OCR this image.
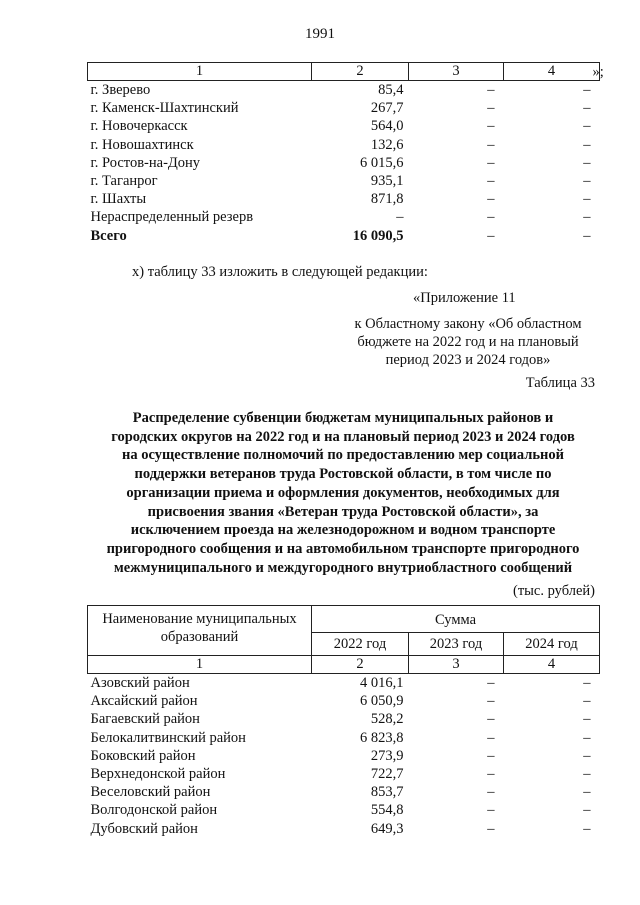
1991
1	2	3	4
г. Зверево	85,4	–	–
г. Каменск-Шахтинский	267,7	–	–
г. Новочеркасск	564,0	–	–
г. Новошахтинск	132,6	–	–
г. Ростов-на-Дону	6 015,6	–	–
г. Таганрог	935,1	–	–
г. Шахты	871,8	–	–
Нераспределенный резерв	–	–	–
Всего	16 090,5	–	–
»;
х) таблицу 33 изложить в следующей редакции:
«Приложение 11
к Областному закону «Об областном
бюджете на 2022 год и на плановый
период 2023 и 2024 годов»
Таблица 33
Распределение субвенции бюджетам муниципальных районов и
городских округов на 2022 год и на плановый период 2023 и 2024 годов
на осуществление полномочий по предоставлению мер социальной
поддержки ветеранов труда Ростовской области, в том числе по
организации приема и оформления документов, необходимых для
присвоения звания «Ветеран труда Ростовской области», за
исключением проезда на железнодорожном и водном транспорте
пригородного сообщения и на автомобильном транспорте пригородного
межмуниципального и междугородного внутриобластного сообщений
(тыс. рублей)
Наименование муниципальных
образований	Сумма		
	2022 год	2023 год	2024 год
1	2	3	4
Азовский район	4 016,1	–	–
Аксайский район	6 050,9	–	–
Багаевский район	528,2	–	–
Белокалитвинский район	6 823,8	–	–
Боковский район	273,9	–	–
Верхнедонской район	722,7	–	–
Веселовский район	853,7	–	–
Волгодонской район	554,8	–	–
Дубовский район	649,3	–	–
